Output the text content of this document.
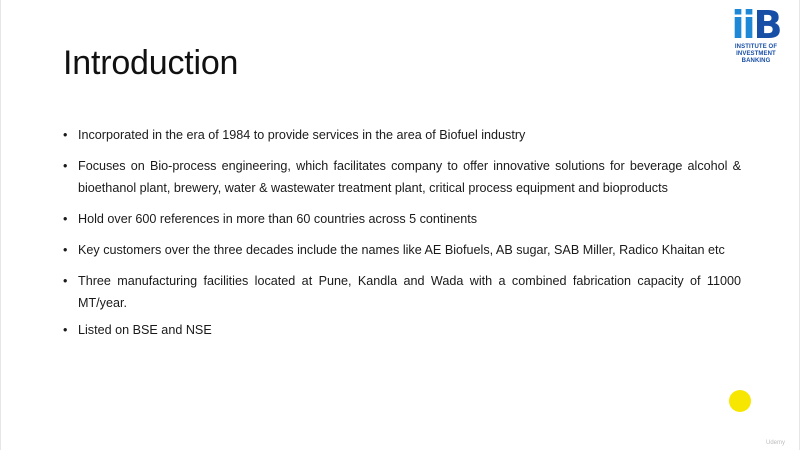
Introduction
iiB
INSTITUTE OF
INVESTMENT BANKING
• Incorporated in the era of 1984 to provide services in the area of Biofuel industry
• Focuses on Bio-process engineering, which facilitates company to offer innovative solutions for beverage alcohol & bioethanol plant, brewery, water & wastewater treatment plant, critical process equipment and bioproducts
• Hold over 600 references in more than 60 countries across 5 continents
• Key customers over the three decades include the names like AE Biofuels, AB sugar, SAB Miller, Radico Khaitan etc
• Three manufacturing facilities located at Pune, Kandla and Wada with a combined fabrication capacity of 11000 MT/year.
• Listed on BSE and NSE
Udemy
